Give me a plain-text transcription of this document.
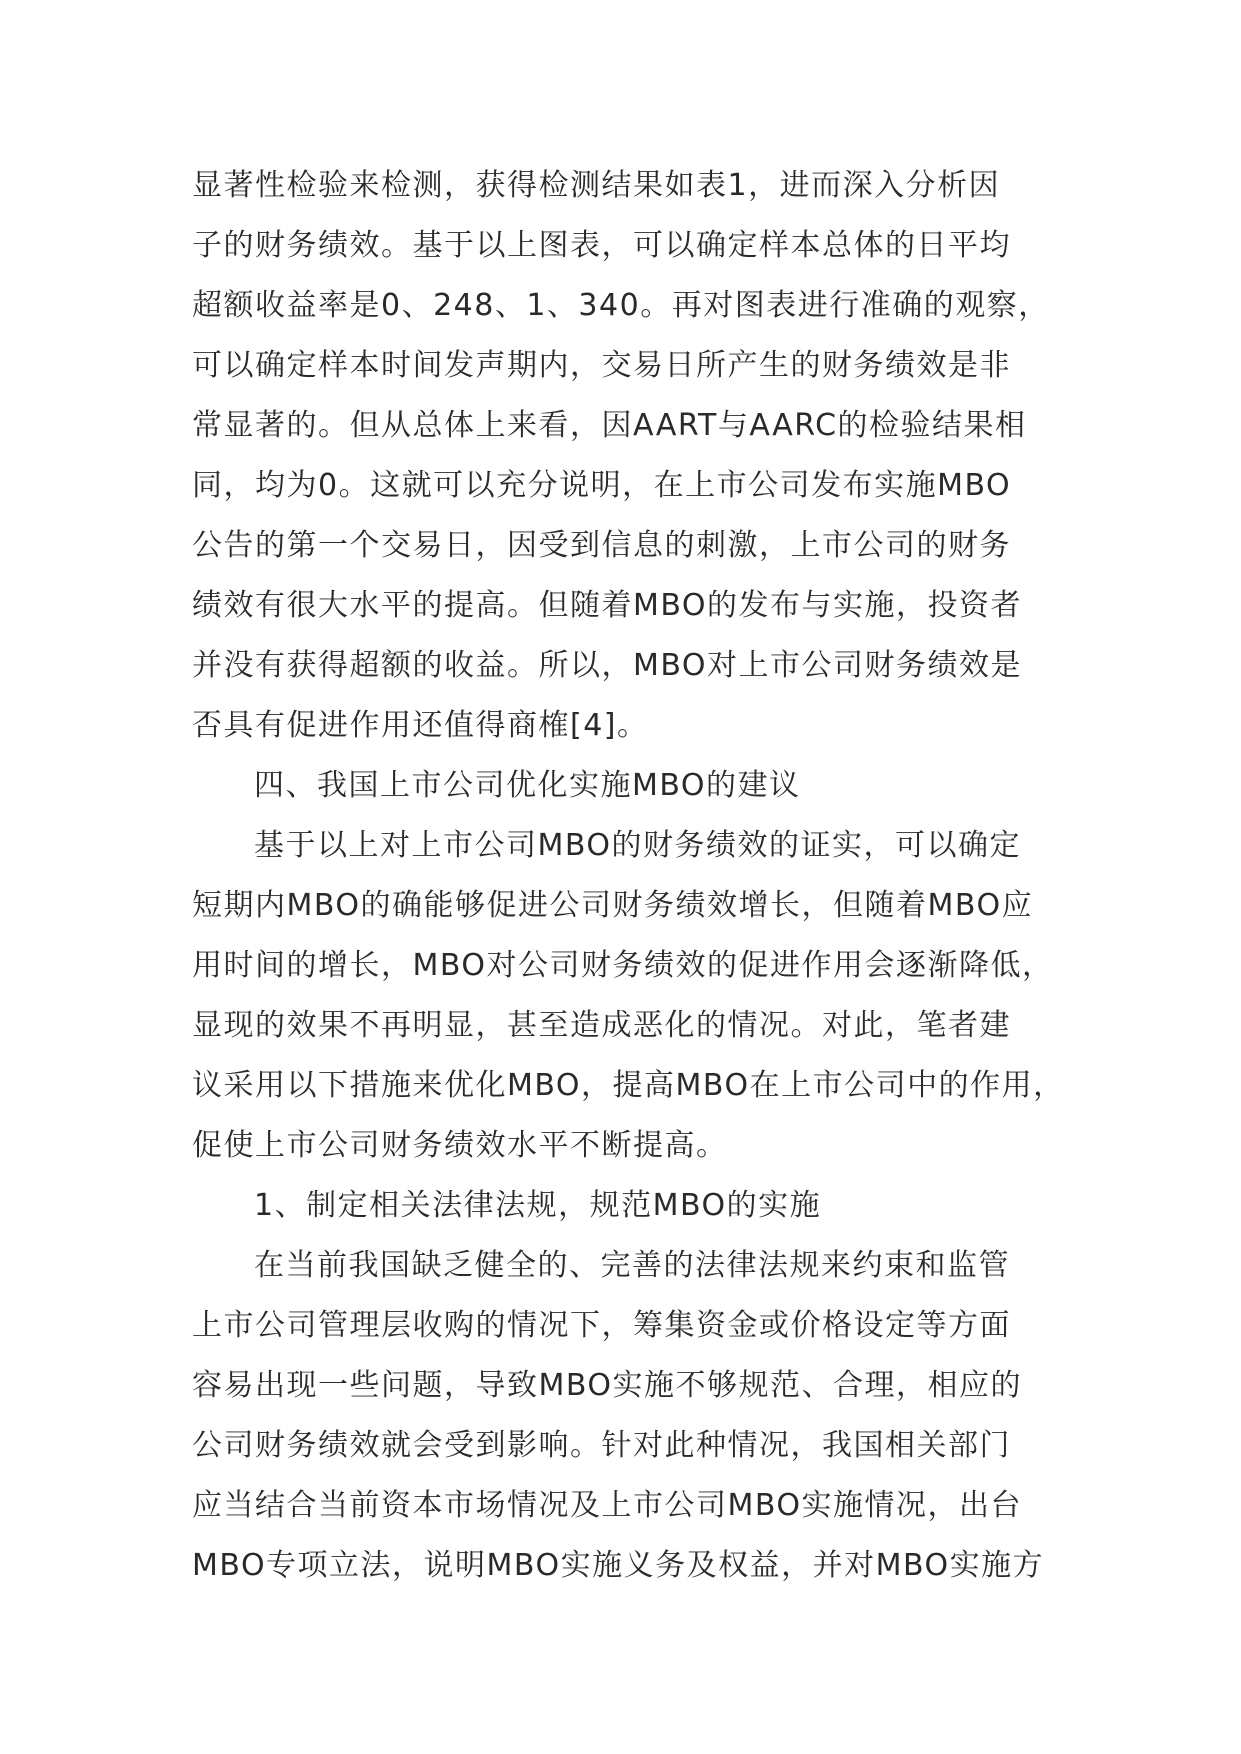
显著性检验来检测，获得检测结果如表1，进而深入分析因
子的财务绩效。基于以上图表，可以确定样本总体的日平均
超额收益率是0、248、1、340。再对图表进行准确的观察，
可以确定样本时间发声期内，交易日所产生的财务绩效是非
常显著的。但从总体上来看，因AART与AARC的检验结果相
同，均为0。这就可以充分说明，在上市公司发布实施MBO
公告的第一个交易日，因受到信息的刺激，上市公司的财务
绩效有很大水平的提高。但随着MBO的发布与实施，投资者
并没有获得超额的收益。所以，MBO对上市公司财务绩效是
否具有促进作用还值得商榷[4]。
四、我国上市公司优化实施MBO的建议
基于以上对上市公司MBO的财务绩效的证实，可以确定
短期内MBO的确能够促进公司财务绩效增长，但随着MBO应
用时间的增长，MBO对公司财务绩效的促进作用会逐渐降低，
显现的效果不再明显，甚至造成恶化的情况。对此，笔者建
议采用以下措施来优化MBO，提高MBO在上市公司中的作用，
促使上市公司财务绩效水平不断提高。
1、制定相关法律法规，规范MBO的实施
在当前我国缺乏健全的、完善的法律法规来约束和监管
上市公司管理层收购的情况下，筹集资金或价格设定等方面
容易出现一些问题，导致MBO实施不够规范、合理，相应的
公司财务绩效就会受到影响。针对此种情况，我国相关部门
应当结合当前资本市场情况及上市公司MBO实施情况，出台
MBO专项立法，说明MBO实施义务及权益，并对MBO实施方
